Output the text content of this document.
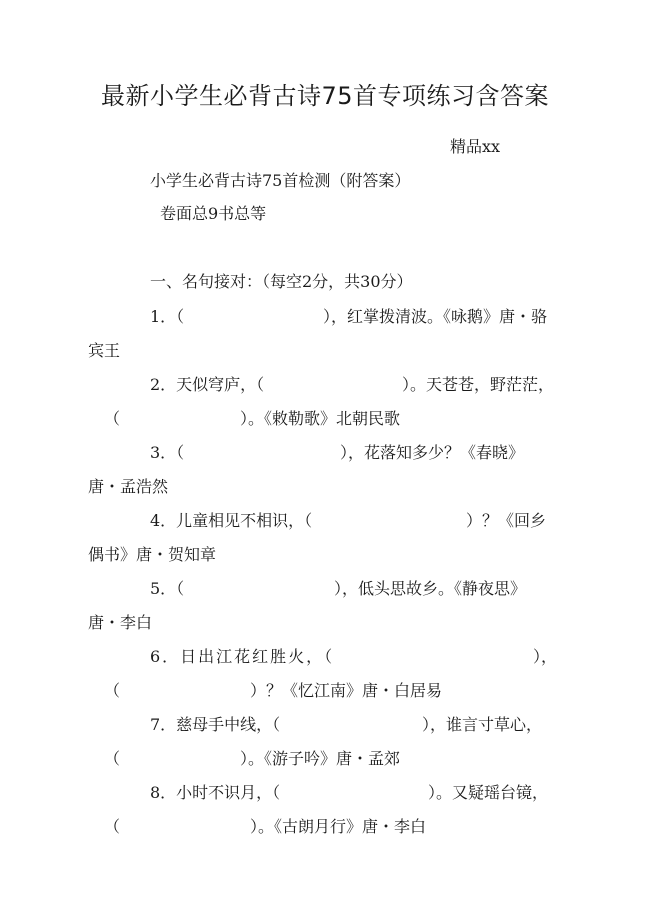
最新小学生必背古诗75首专项练习含答案
精品xx
小学生必背古诗75首检测（附答案）
卷面总9书总等
一、名句接对：（每空2分，共30分）
1．（	），红掌拨清波。《咏鹅》唐・骆
宾王
2．天似穹庐，（	）。天苍苍，野茫茫，
（	）。《敕勒歌》北朝民歌
3．（	），花落知多少？《春晓》
唐・孟浩然
4．儿童相见不相识，（	）？《回乡
偶书》唐・贺知章
5．（	），低头思故乡。《静夜思》
唐・李白
6．日出江花红胜火，（	），
（	）？《忆江南》唐・白居易
7．慈母手中线，（	），谁言寸草心，
（	）。《游子吟》唐・孟郊
8．小时不识月，（	）。又疑瑶台镜，
（	）。《古朗月行》唐・李白
